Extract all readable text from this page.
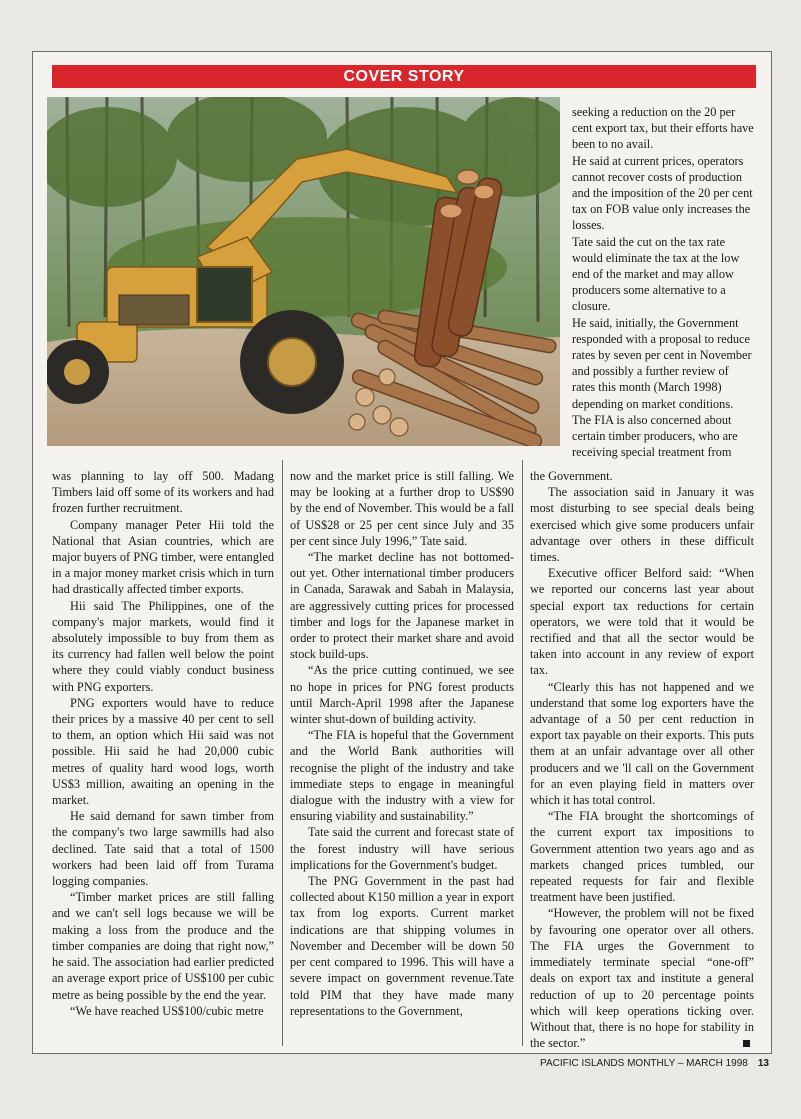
COVER STORY

seeking a reduction on the 20 per cent export tax, but their efforts have been to no avail.

He said at current prices, operators cannot recover costs of production and the imposition of the 20 per cent tax on FOB value only increases the losses.

Tate said the cut on the tax rate would eliminate the tax at the low end of the market and may allow producers some alternative to a closure.

He said, initially, the Government responded with a proposal to reduce rates by seven per cent in November and possibly a further review of rates this month (March 1998) depending on market conditions.

The FIA is also concerned about certain timber producers, who are receiving special treatment from

was planning to lay off 500. Madang Timbers laid off some of its workers and had frozen further recruitment.

Company manager Peter Hii told the National that Asian countries, which are major buyers of PNG timber, were entangled in a major money market crisis which in turn had drastically affected timber exports.

Hii said The Philippines, one of the company's major markets, would find it absolutely impossible to buy from them as its currency had fallen well below the point where they could viably conduct business with PNG exporters.

PNG exporters would have to reduce their prices by a massive 40 per cent to sell to them, an option which Hii said was not possible. Hii said he had 20,000 cubic metres of quality hard wood logs, worth US$3 million, awaiting an opening in the market.

He said demand for sawn timber from the company's two large sawmills had also declined. Tate said that a total of 1500 workers had been laid off from Turama logging companies.

“Timber market prices are still falling and we can't sell logs because we will be making a loss from the produce and the timber companies are doing that right now,” he said. The association had earlier predicted an average export price of US$100 per cubic metre as being possible by the end the year.

“We have reached US$100/cubic metre

now and the market price is still falling. We may be looking at a further drop to US$90 by the end of November. This would be a fall of US$28 or 25 per cent since July and 35 per cent since July 1996,” Tate said.

“The market decline has not bottomed-out yet. Other international timber producers in Canada, Sarawak and Sabah in Malaysia, are aggressively cutting prices for processed timber and logs for the Japanese market in order to protect their market share and avoid stock build-ups.

“As the price cutting continued, we see no hope in prices for PNG forest products until March-April 1998 after the Japanese winter shut-down of building activity.

“The FIA is hopeful that the Government and the World Bank authorities will recognise the plight of the industry and take immediate steps to engage in meaningful dialogue with the industry with a view for ensuring viability and sustainability.”

Tate said the current and forecast state of the forest industry will have serious implications for the Government's budget.

The PNG Government in the past had collected about K150 million a year in export tax from log exports. Current market indications are that shipping volumes in November and December will be down 50 per cent compared to 1996. This will have a severe impact on government revenue.Tate told PIM that they have made many representations to the Government,

the Government.

The association said in January it was most disturbing to see special deals being exercised which give some producers unfair advantage over others in these difficult times.

Executive officer Belford said: “When we reported our concerns last year about special export tax reductions for certain operators, we were told that it would be rectified and that all the sector would be taken into account in any review of export tax.

“Clearly this has not happened and we understand that some log exporters have the advantage of a 50 per cent reduction in export tax payable on their exports. This puts them at an unfair advantage over all other producers and we 'll call on the Government for an even playing field in matters over which it has total control.

“The FIA brought the shortcomings of the current export tax impositions to Government attention two years ago and as markets changed prices tumbled, our repeated requests for fair and flexible treatment have been justified.

“However, the problem will not be fixed by favouring one operator over all others. The FIA urges the Government to immediately terminate special “one-off” deals on export tax and institute a general reduction of up to 20 percentage points which will keep operations ticking over. Without that, there is no hope for stability in the sector.”

PACIFIC ISLANDS MONTHLY – MARCH 1998 13
